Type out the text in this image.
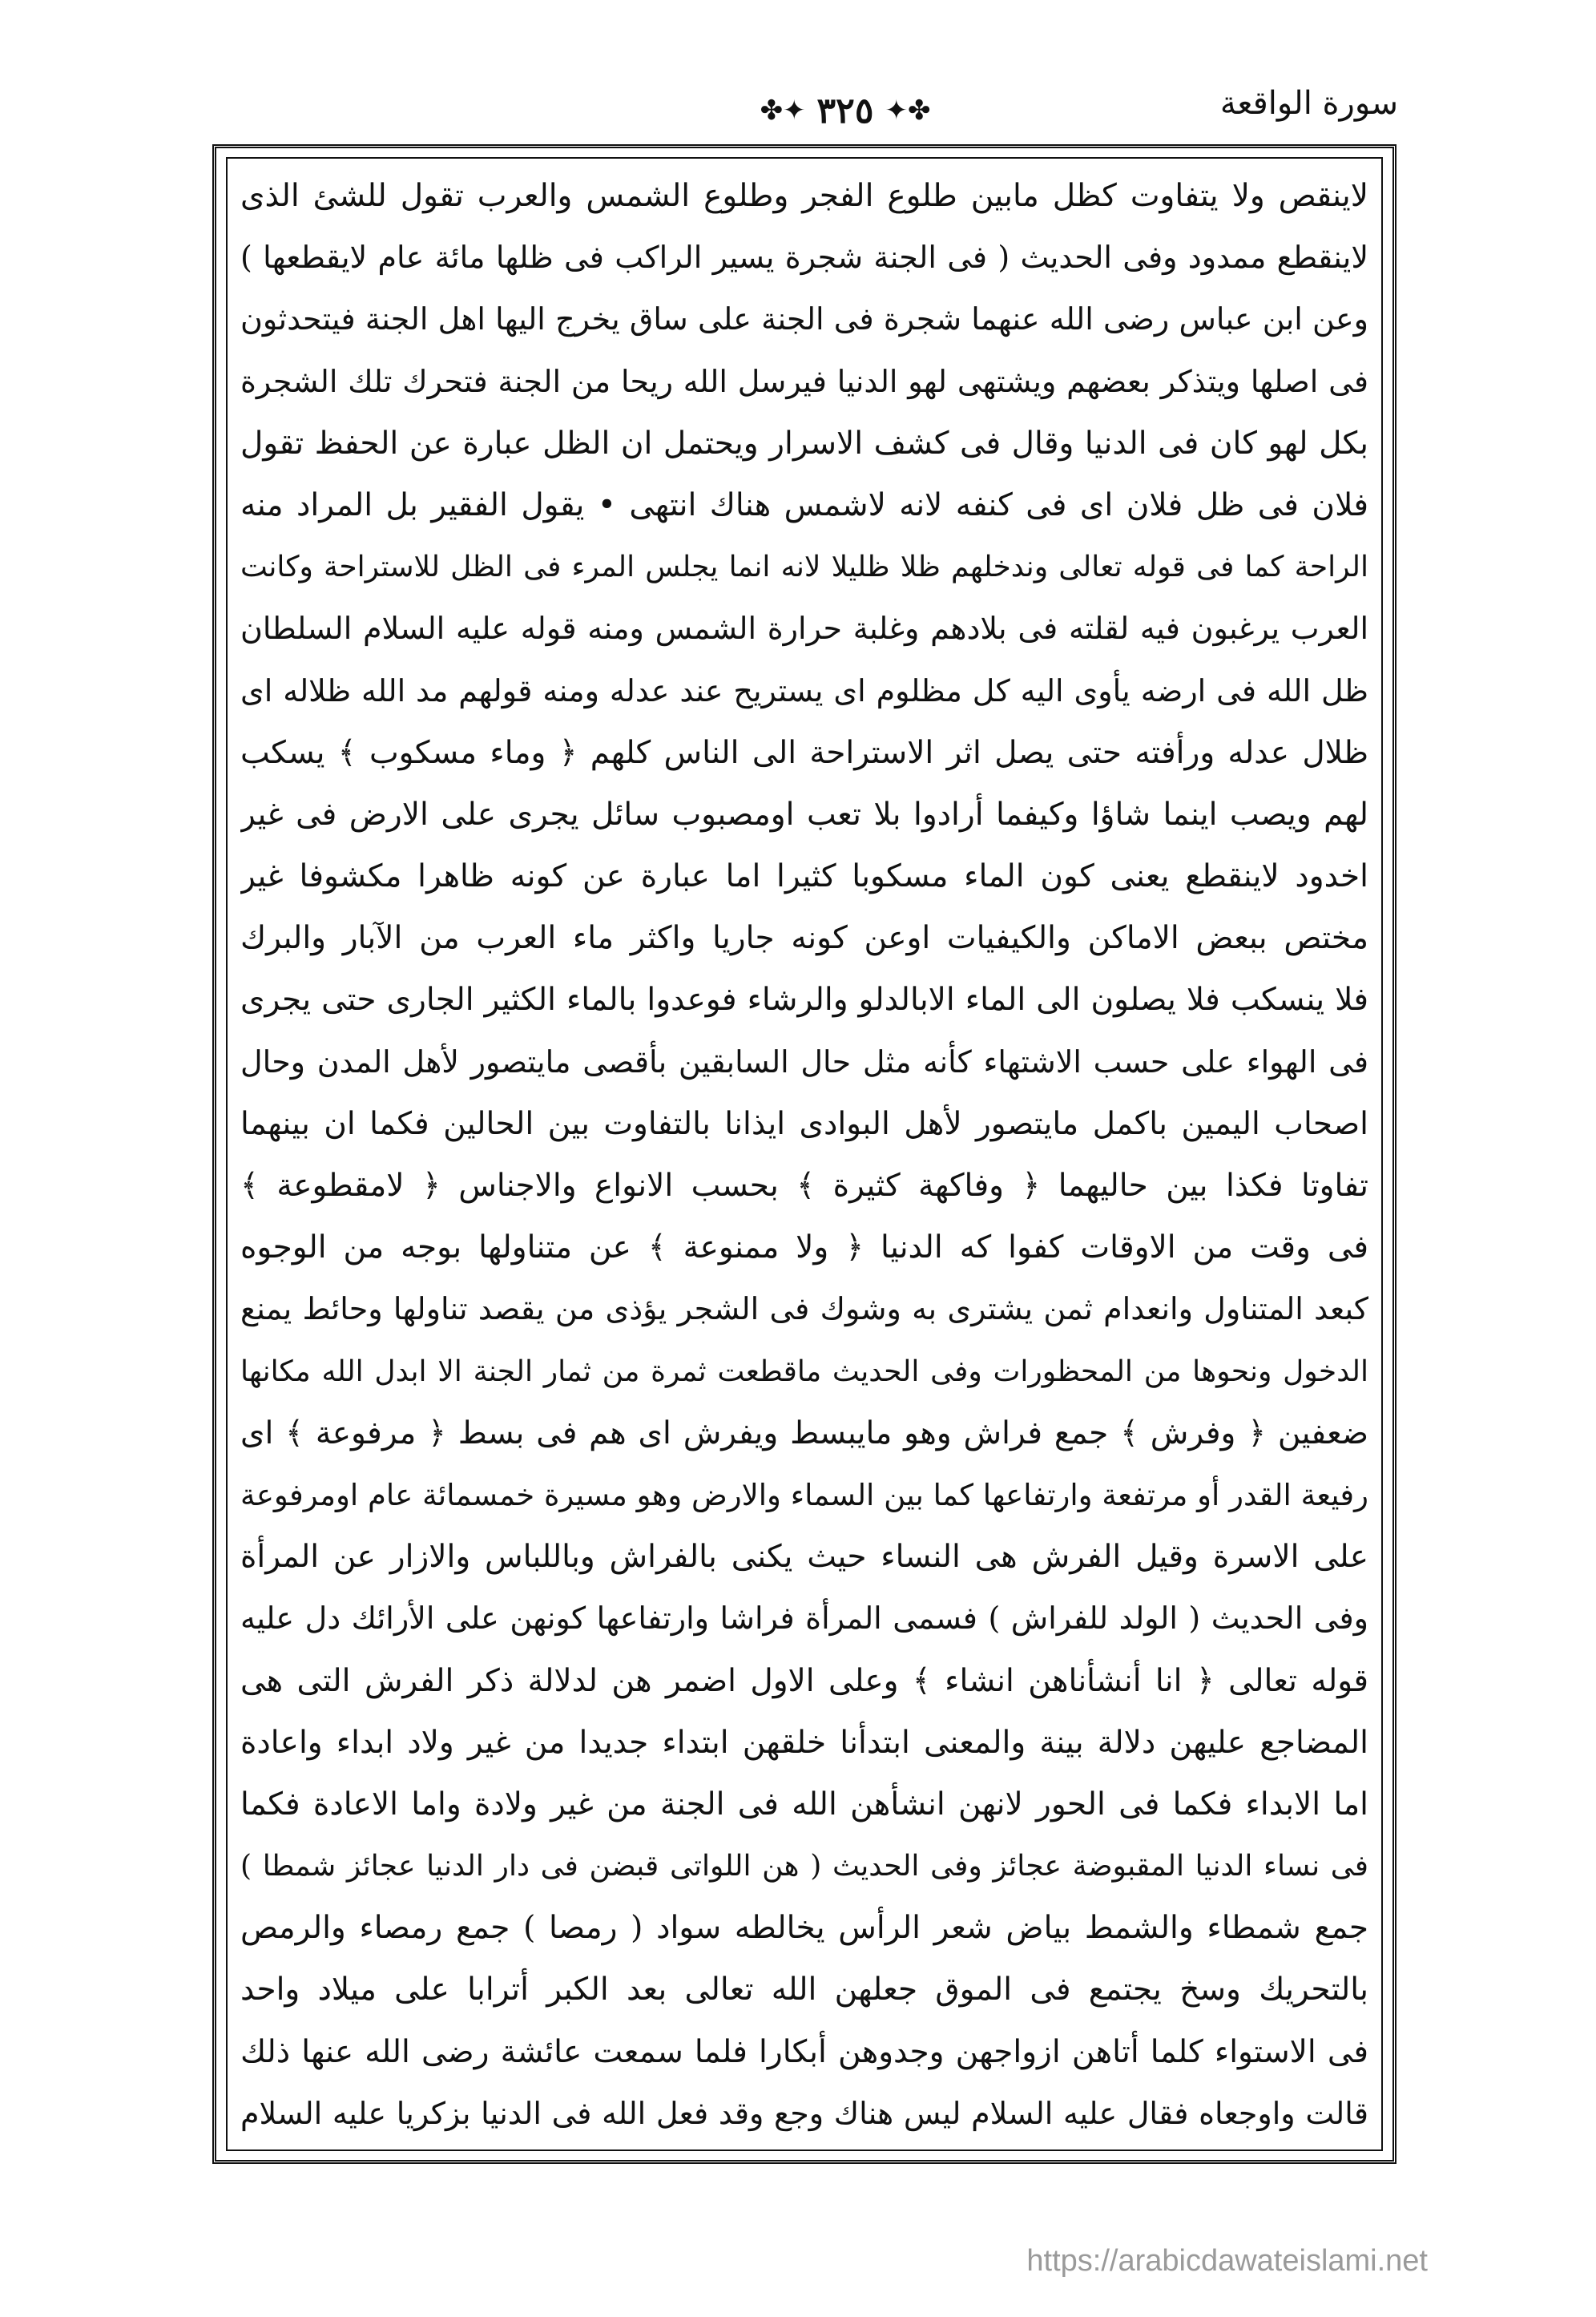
سورة الواقعة
✤✦ ٣٢٥ ✦✤

لاينقص ولا يتفاوت كظل مابين طلوع الفجر وطلوع الشمس والعرب تقول للشئ الذى

لاينقطع ممدود وفى الحديث ( فى الجنة شجرة يسير الراكب فى ظلها مائة عام لايقطعها )

وعن ابن عباس رضى الله عنهما شجرة فى الجنة على ساق يخرج اليها اهل الجنة فيتحدثون

فى اصلها ويتذكر بعضهم ويشتهى لهو الدنيا فيرسل الله ريحا من الجنة فتحرك تلك الشجرة

بكل لهو كان فى الدنيا وقال فى كشف الاسرار ويحتمل ان الظل عبارة عن الحفظ تقول

فلان فى ظل فلان اى فى كنفه لانه لاشمس هناك انتهى • يقول الفقير بل المراد منه

الراحة كما فى قوله تعالى وندخلهم ظلا ظليلا لانه انما يجلس المرء فى الظل للاستراحة وكانت

العرب يرغبون فيه لقلته فى بلادهم وغلبة حرارة الشمس ومنه قوله عليه السلام السلطان

ظل الله فى ارضه يأوى اليه كل مظلوم اى يستريح عند عدله ومنه قولهم مد الله ظلاله اى

ظلال عدله ورأفته حتى يصل اثر الاستراحة الى الناس كلهم ﴿ وماء مسكوب ﴾ يسكب

لهم ويصب اينما شاؤا وكيفما أرادوا بلا تعب اومصبوب سائل يجرى على الارض فى غير

اخدود لاينقطع يعنى كون الماء مسكوبا كثيرا اما عبارة عن كونه ظاهرا مكشوفا غير

مختص ببعض الاماكن والكيفيات اوعن كونه جاريا واكثر ماء العرب من الآبار والبرك

فلا ينسكب فلا يصلون الى الماء الابالدلو والرشاء فوعدوا بالماء الكثير الجارى حتى يجرى

فى الهواء على حسب الاشتهاء كأنه مثل حال السابقين بأقصى مايتصور لأهل المدن وحال

اصحاب اليمين باكمل مايتصور لأهل البوادى ايذانا بالتفاوت بين الحالين فكما ان بينهما

تفاوتا فكذا بين حاليهما ﴿ وفاكهة كثيرة ﴾ بحسب الانواع والاجناس ﴿ لامقطوعة ﴾

فى وقت من الاوقات كفوا كه الدنيا ﴿ ولا ممنوعة ﴾ عن متناولها بوجه من الوجوه

كبعد المتناول وانعدام ثمن يشترى به وشوك فى الشجر يؤذى من يقصد تناولها وحائط يمنع

الدخول ونحوها من المحظورات وفى الحديث ماقطعت ثمرة من ثمار الجنة الا ابدل الله مكانها

ضعفين ﴿ وفرش ﴾ جمع فراش وهو مايبسط ويفرش اى هم فى بسط ﴿ مرفوعة ﴾ اى

رفيعة القدر أو مرتفعة وارتفاعها كما بين السماء والارض وهو مسيرة خمسمائة عام اومرفوعة

على الاسرة وقيل الفرش هى النساء حيث يكنى بالفراش وباللباس والازار عن المرأة

وفى الحديث ( الولد للفراش ) فسمى المرأة فراشا وارتفاعها كونهن على الأرائك دل عليه

قوله تعالى ﴿ انا أنشأناهن انشاء ﴾ وعلى الاول اضمر هن لدلالة ذكر الفرش التى هى

المضاجع عليهن دلالة بينة والمعنى ابتدأنا خلقهن ابتداء جديدا من غير ولاد ابداء واعادة

اما الابداء فكما فى الحور لانهن انشأهن الله فى الجنة من غير ولادة واما الاعادة فكما

فى نساء الدنيا المقبوضة عجائز وفى الحديث ( هن اللواتى قبضن فى دار الدنيا عجائز شمطا )

جمع شمطاء والشمط بياض شعر الرأس يخالطه سواد ( رمصا ) جمع رمصاء والرمص

بالتحريك وسخ يجتمع فى الموق جعلهن الله تعالى بعد الكبر أترابا على ميلاد واحد

فى الاستواء كلما أتاهن ازواجهن وجدوهن أبكارا فلما سمعت عائشة رضى الله عنها ذلك

قالت واوجعاه فقال عليه السلام ليس هناك وجع وقد فعل الله فى الدنيا بزكريا عليه السلام

https://arabicdawateislami.net
